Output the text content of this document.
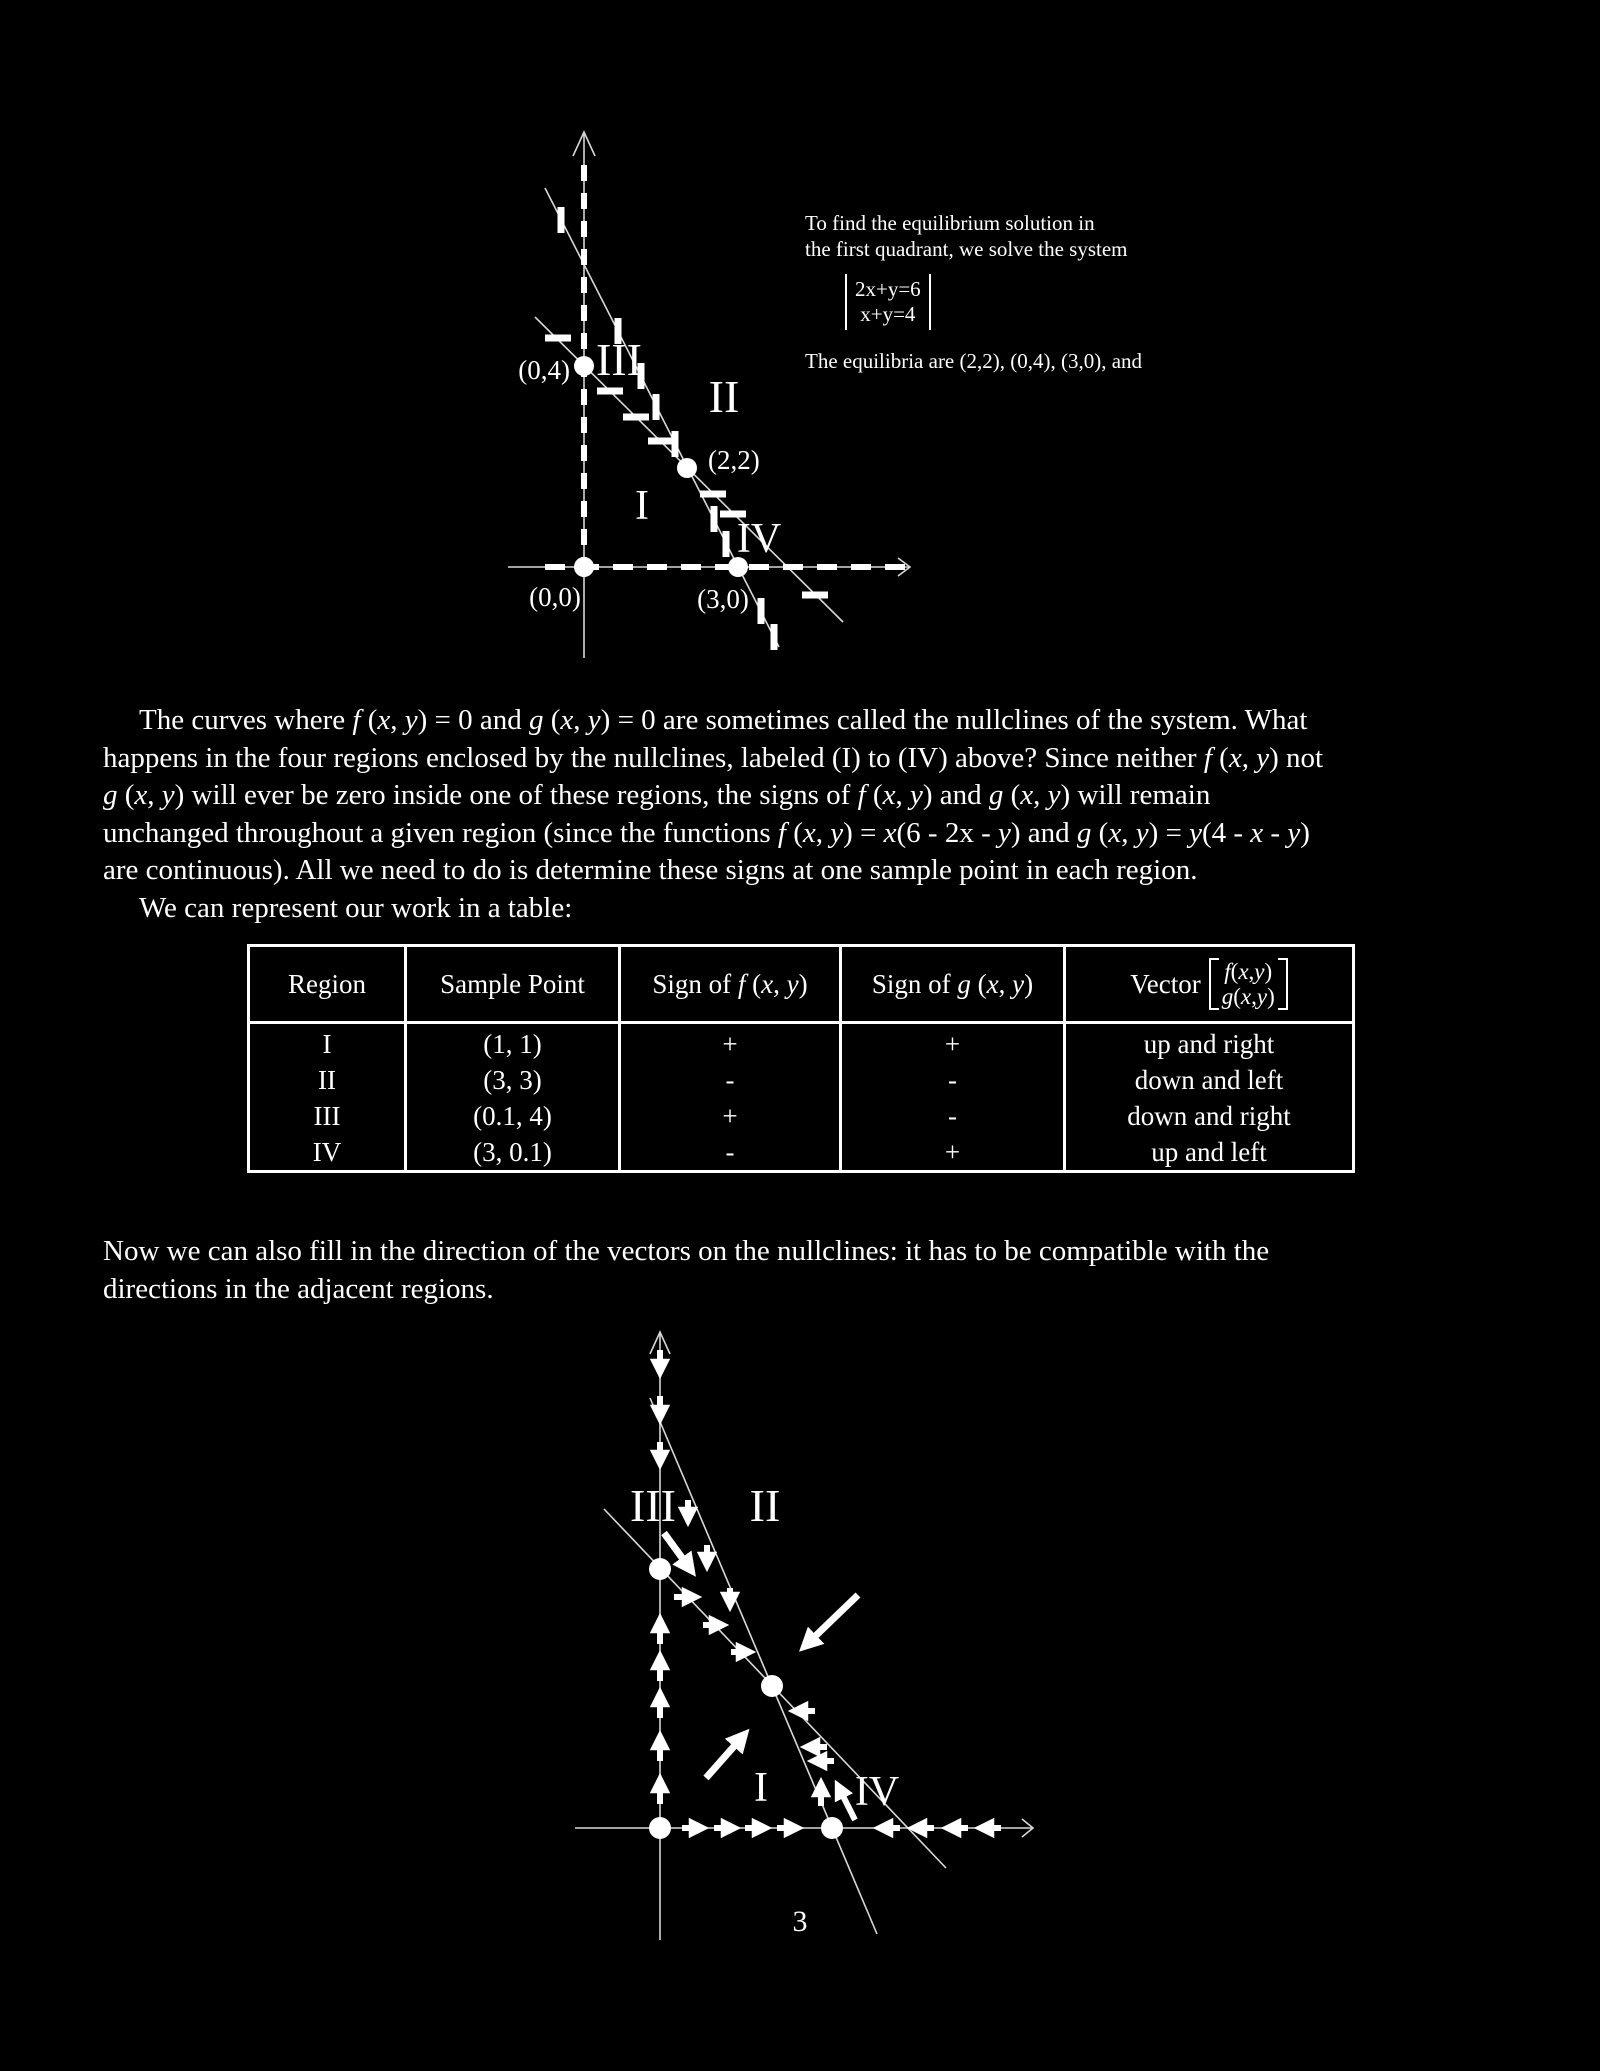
(0,4) III
II
(2,2)
I
IV
(0,0)	(3,0)
To find the equilibrium solution in
the first quadrant, we solve the system
2x+y=6
x+y=4
The equilibria are (2,2), (0,4), (3,0), and
The curves where f (x, y) = 0 and g (x, y) = 0 are sometimes called the nullclines of the system. What
happens in the four regions enclosed by the nullclines, labeled (I) to (IV) above? Since neither f (x, y) not
g (x, y) will ever be zero inside one of these regions, the signs of f (x, y) and g (x, y) will remain
unchanged throughout a given region (since the functions f (x, y) = x(6 - 2x - y) and g (x, y) = y(4 - x - y)
are continuous). All we need to do is determine these signs at one sample point in each region.
We can represent our work in a table:
Region	Sample Point	Sign of f (x, y)	Sign of g (x, y)	Vector f(x,y)
g(x,y)

I	(1, 1)	+	+	up and right
II	(3, 3)	-	-	down and left
III	(0.1, 4)	+	-	down and right
IV	(3, 0.1)	-	+	up and left
Now we can also fill in the direction of the vectors on the nullclines: it has to be compatible with the
directions in the adjacent regions.
III II
I IV
3
